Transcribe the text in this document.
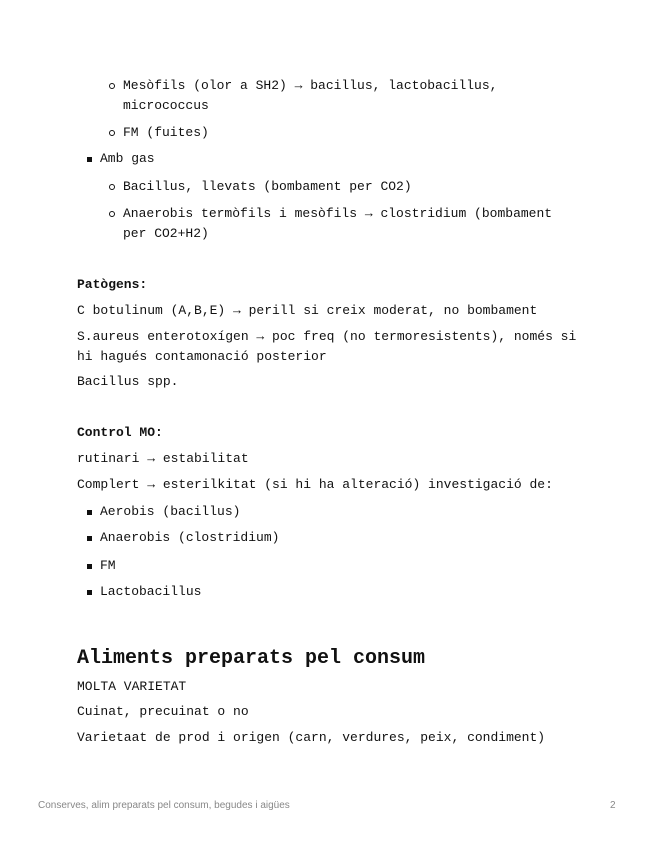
Mesòfils (olor a SH2) → bacillus, lactobacillus, micrococcus
FM (fuites)
Amb gas
Bacillus, llevats (bombament per CO2)
Anaerobis termòfils i mesòfils → clostridium (bombament per CO2+H2)
Patògens:
C botulinum (A,B,E) → perill si creix moderat, no bombament
S.aureus enterotoxígen → poc freq (no termoresistents), només si hi hagués contamonació posterior
Bacillus spp.
Control MO:
rutinari → estabilitat
Complert → esterilkitat (si hi ha alteració) investigació de:
Aerobis (bacillus)
Anaerobis (clostridium)
FM
Lactobacillus
Aliments preparats pel consum
MOLTA VARIETAT
Cuinat, precuinat o no
Varietaat de prod i origen (carn, verdures, peix, condiment)
Conserves, alim preparats pel consum, begudes i aigües	2
